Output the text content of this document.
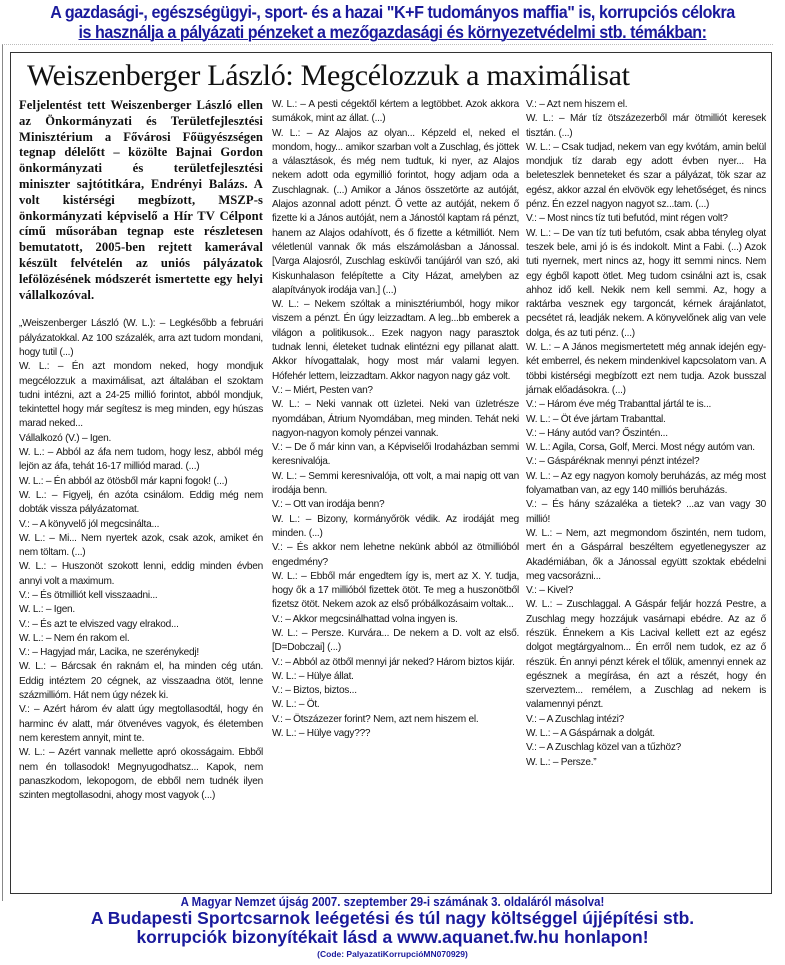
A gazdasági-, egészségügyi-, sport- és a hazai "K+F tudományos maffia" is, korrupciós célokra
is használja a pályázati pénzeket a mezőgazdasági és környezetvédelmi stb. témákban:
Weiszenberger László: Megcélozzuk a maximálisat
Feljelentést tett Weiszenberger László ellen az Önkormányzati és Területfejlesztési Minisztérium a Fővárosi Főügyészségen tegnap délelőtt – közölte Bajnai Gordon önkormányzati és területfejlesztési miniszter sajtótitkára, Endrényi Balázs. A volt kistérségi megbízott, MSZP-s önkormányzati képviselő a Hír TV Célpont című műsorában tegnap este részletesen bemutatott, 2005-ben rejtett kamerával készült felvételén az uniós pályázatok lefölözésének módszerét ismertette egy helyi vállalkozóval.
„Weiszenberger László (W. L.): – Legkésőbb a februári pályázatokkal. Az 100 százalék, arra azt tudom mondani, hogy tutil (...)
W. L.: – Én azt mondom neked, hogy mondjuk megcélozzuk a maximálisat, azt általában el szoktam tudni intézni, azt a 24-25 millió forintot, abból mondjuk, tekintettel hogy már segítesz is meg minden, egy húszas marad neked...
Vállalkozó (V.) – Igen.
W. L.: – Abból az áfa nem tudom, hogy lesz, abból még lejön az áfa, tehát 16-17 milliód marad. (...)
W. L.: – Én abból az ötösből már kapni fogok! (...)
W. L.: – Figyelj, én azóta csinálom. Eddig még nem dobták vissza pályázatomat.
V.: – A könyvelő jól megcsinálta...
W. L.: – Mi... Nem nyertek azok, csak azok, amiket én nem töltam. (...)
W. L.: – Huszonöt szokott lenni, eddig minden évben annyi volt a maximum.
V.: – És ötmilliót kell visszaadni...
W. L.: – Igen.
V.: – És azt te elviszed vagy elrakod...
W. L.: – Nem én rakom el.
V.: – Hagyjad már, Lacika, ne szerénykedj!
W. L.: – Bárcsak én raknám el, ha minden cég után. Eddig intéztem 20 cégnek, az visszaadna ötöt, lenne százmillióm. Hát nem úgy nézek ki.
V.: – Azért három év alatt úgy megtollasodtál, hogy én harminc év alatt, már ötvenéves vagyok, és életemben nem kerestem annyit, mint te.
W. L.: – Azért vannak mellette apró okosságaim. Ebből nem én tollasodok! Megnyugodhatsz... Kapok, nem panaszkodom, lekopogom, de ebből nem tudnék ilyen szinten megtollasodni, ahogy most vagyok (...)
W. L.: – A pesti cégektől kértem a legtöbbet. Azok akkora sumákok, mint az állat. (...)
W. L.: – Az Alajos az olyan... Képzeld el, neked el mondom, hogy... amikor szarban volt a Zuschlag, és jöttek a választások, és még nem tudtuk, ki nyer, az Alajos nekem adott oda egymillió forintot, hogy adjam oda a Zuschlagnak. (...) Amikor a János összetörte az autóját, Alajos azonnal adott pénzt. Ő vette az autóját, nekem ő fizette ki a János autóját, nem a Jánostól kaptam rá pénzt, hanem az Alajos odahívott, és ő fizette a kétmilliót. Nem véletlenül vannak ők más elszámolásban a Jánossal. [Varga Alajosról, Zuschlag esküvői tanújáról van szó, aki Kiskunhalason felépítette a City Házat, amelyben az alapítványok irodája van.] (...)
W. L.: – Nekem szóltak a minisztériumból, hogy mikor viszem a pénzt. Én úgy leizzadtam. A leg...bb emberek a világon a politikusok... Ezek nagyon nagy parasztok tudnak lenni, életeket tudnak elintézni egy pillanat alatt. Akkor hívogattalak, hogy most már valami legyen. Hófehér lettem, leizzadtam. Akkor nagyon nagy gáz volt.
V.: – Miért, Pesten van?
W. L.: – Neki vannak ott üzletei. Neki van üzletrésze nyomdában, Átrium Nyomdában, meg minden. Tehát neki nagyon-nagyon komoly pénzei vannak.
V.: – De ő már kinn van, a Képviselői Irodaházban semmi keresnivalója.
W. L.: – Semmi keresnivalója, ott volt, a mai napig ott van irodája benn.
V.: – Ott van irodája benn?
W. L.: – Bizony, kormányőrök védik. Az irodáját meg minden. (...)
V.: – És akkor nem lehetne nekünk abból az ötmillióból engedmény?
W. L.: – Ebből már engedtem így is, mert az X. Y. tudja, hogy ők a 17 millióból fizettek ötöt. Te meg a huszonötből fizetsz ötöt. Nekem azok az első próbálkozásaim voltak...
V.: – Akkor megcsinálhattad volna ingyen is.
W. L.: – Persze. Kurvára... De nekem a D. volt az első. [D=Dobczai] (...)
V.: – Abból az ötből mennyi jár neked? Három biztos kijár.
W. L.: – Hülye állat.
V.: – Biztos, biztos...
W. L.: – Öt.
V.: – Ötszázezer forint? Nem, azt nem hiszem el.
W. L.: – Hülye vagy???
V.: – Azt nem hiszem el.
W. L.: – Már tíz ötszázezerből már ötmilliót keresek tisztán. (...)
W. L.: – Csak tudjad, nekem van egy kvótám, amin belül mondjuk tíz darab egy adott évben nyer... Ha beleteszlek benneteket és szar a pályázat, tök szar az egész, akkor azzal én elvövök egy lehetőséget, és nincs pénz. Én ezzel nagyon nagyot sz...tam. (...)
V.: – Most nincs tíz tuti befutód, mint régen volt?
W. L.: – De van tíz tuti befutóm, csak abba tényleg olyat teszek bele, ami jó is és indokolt. Mint a Fabi. (...) Azok tuti nyernek, mert nincs az, hogy itt semmi nincs. Nem egy égből kapott ötlet. Meg tudom csinálni azt is, csak ahhoz idő kell. Nekik nem kell semmi. Az, hogy a raktárba vesznek egy targoncát, kérnek árajánlatot, pecsétet rá, leadják nekem. A könyvelőnek alig van vele dolga, és az tuti pénz. (...)
W. L.: – A János megismertetett még annak idején egy-két emberrel, és nekem mindenkivel kapcsolatom van. A többi kistérségi megbízott ezt nem tudja. Azok busszal járnak előadásokra. (...)
V.: – Három éve még Trabanttal jártál te is...
W. L.: – Öt éve jártam Trabanttal.
V.: – Hány autód van? Őszintén...
W. L.: Agila, Corsa, Golf, Merci. Most négy autóm van.
V.: – Gáspáréknak mennyi pénzt intézel?
W. L.: – Az egy nagyon komoly beruházás, az még most folyamatban van, az egy 140 milliós beruházás.
V.: – És hány százaléka a tietek? ...az van vagy 30 millió!
W. L.: – Nem, azt megmondom őszintén, nem tudom, mert én a Gáspárral beszéltem egyetlenegyszer az Akadémiában, ők a Jánossal együtt szoktak ebédelni meg vacsorázni...
V.: – Kivel?
W. L.: – Zuschlaggal. A Gáspár feljár hozzá Pestre, a Zuschlag megy hozzájuk vasárnapi ebédre. Az az ő részük. Énnekem a Kis Lacival kellett ezt az egész dolgot megtárgyalnom... Én erről nem tudok, ez az ő részük. Én annyi pénzt kérek el tőlük, amennyi ennek az egésznek a megírása, én azt a részét, hogy én szerveztem... remélem, a Zuschlag ad nekem is valamennyi pénzt.
V.: – A Zuschlag intézi?
W. L.: – A Gáspárnak a dolgát.
V.: – A Zuschlag közel van a tűzhöz?
W. L.: – Persze.”
A Magyar Nemzet újság 2007. szeptember 29-i számának 3. oldaláról másolva!
A Budapesti Sportcsarnok leégetési és túl nagy költséggel újjépítési stb.
korrupciók bizonyítékait lásd a www.aquanet.fw.hu honlapon!
(Code: PalyazatiKorrupcióMN070929)
